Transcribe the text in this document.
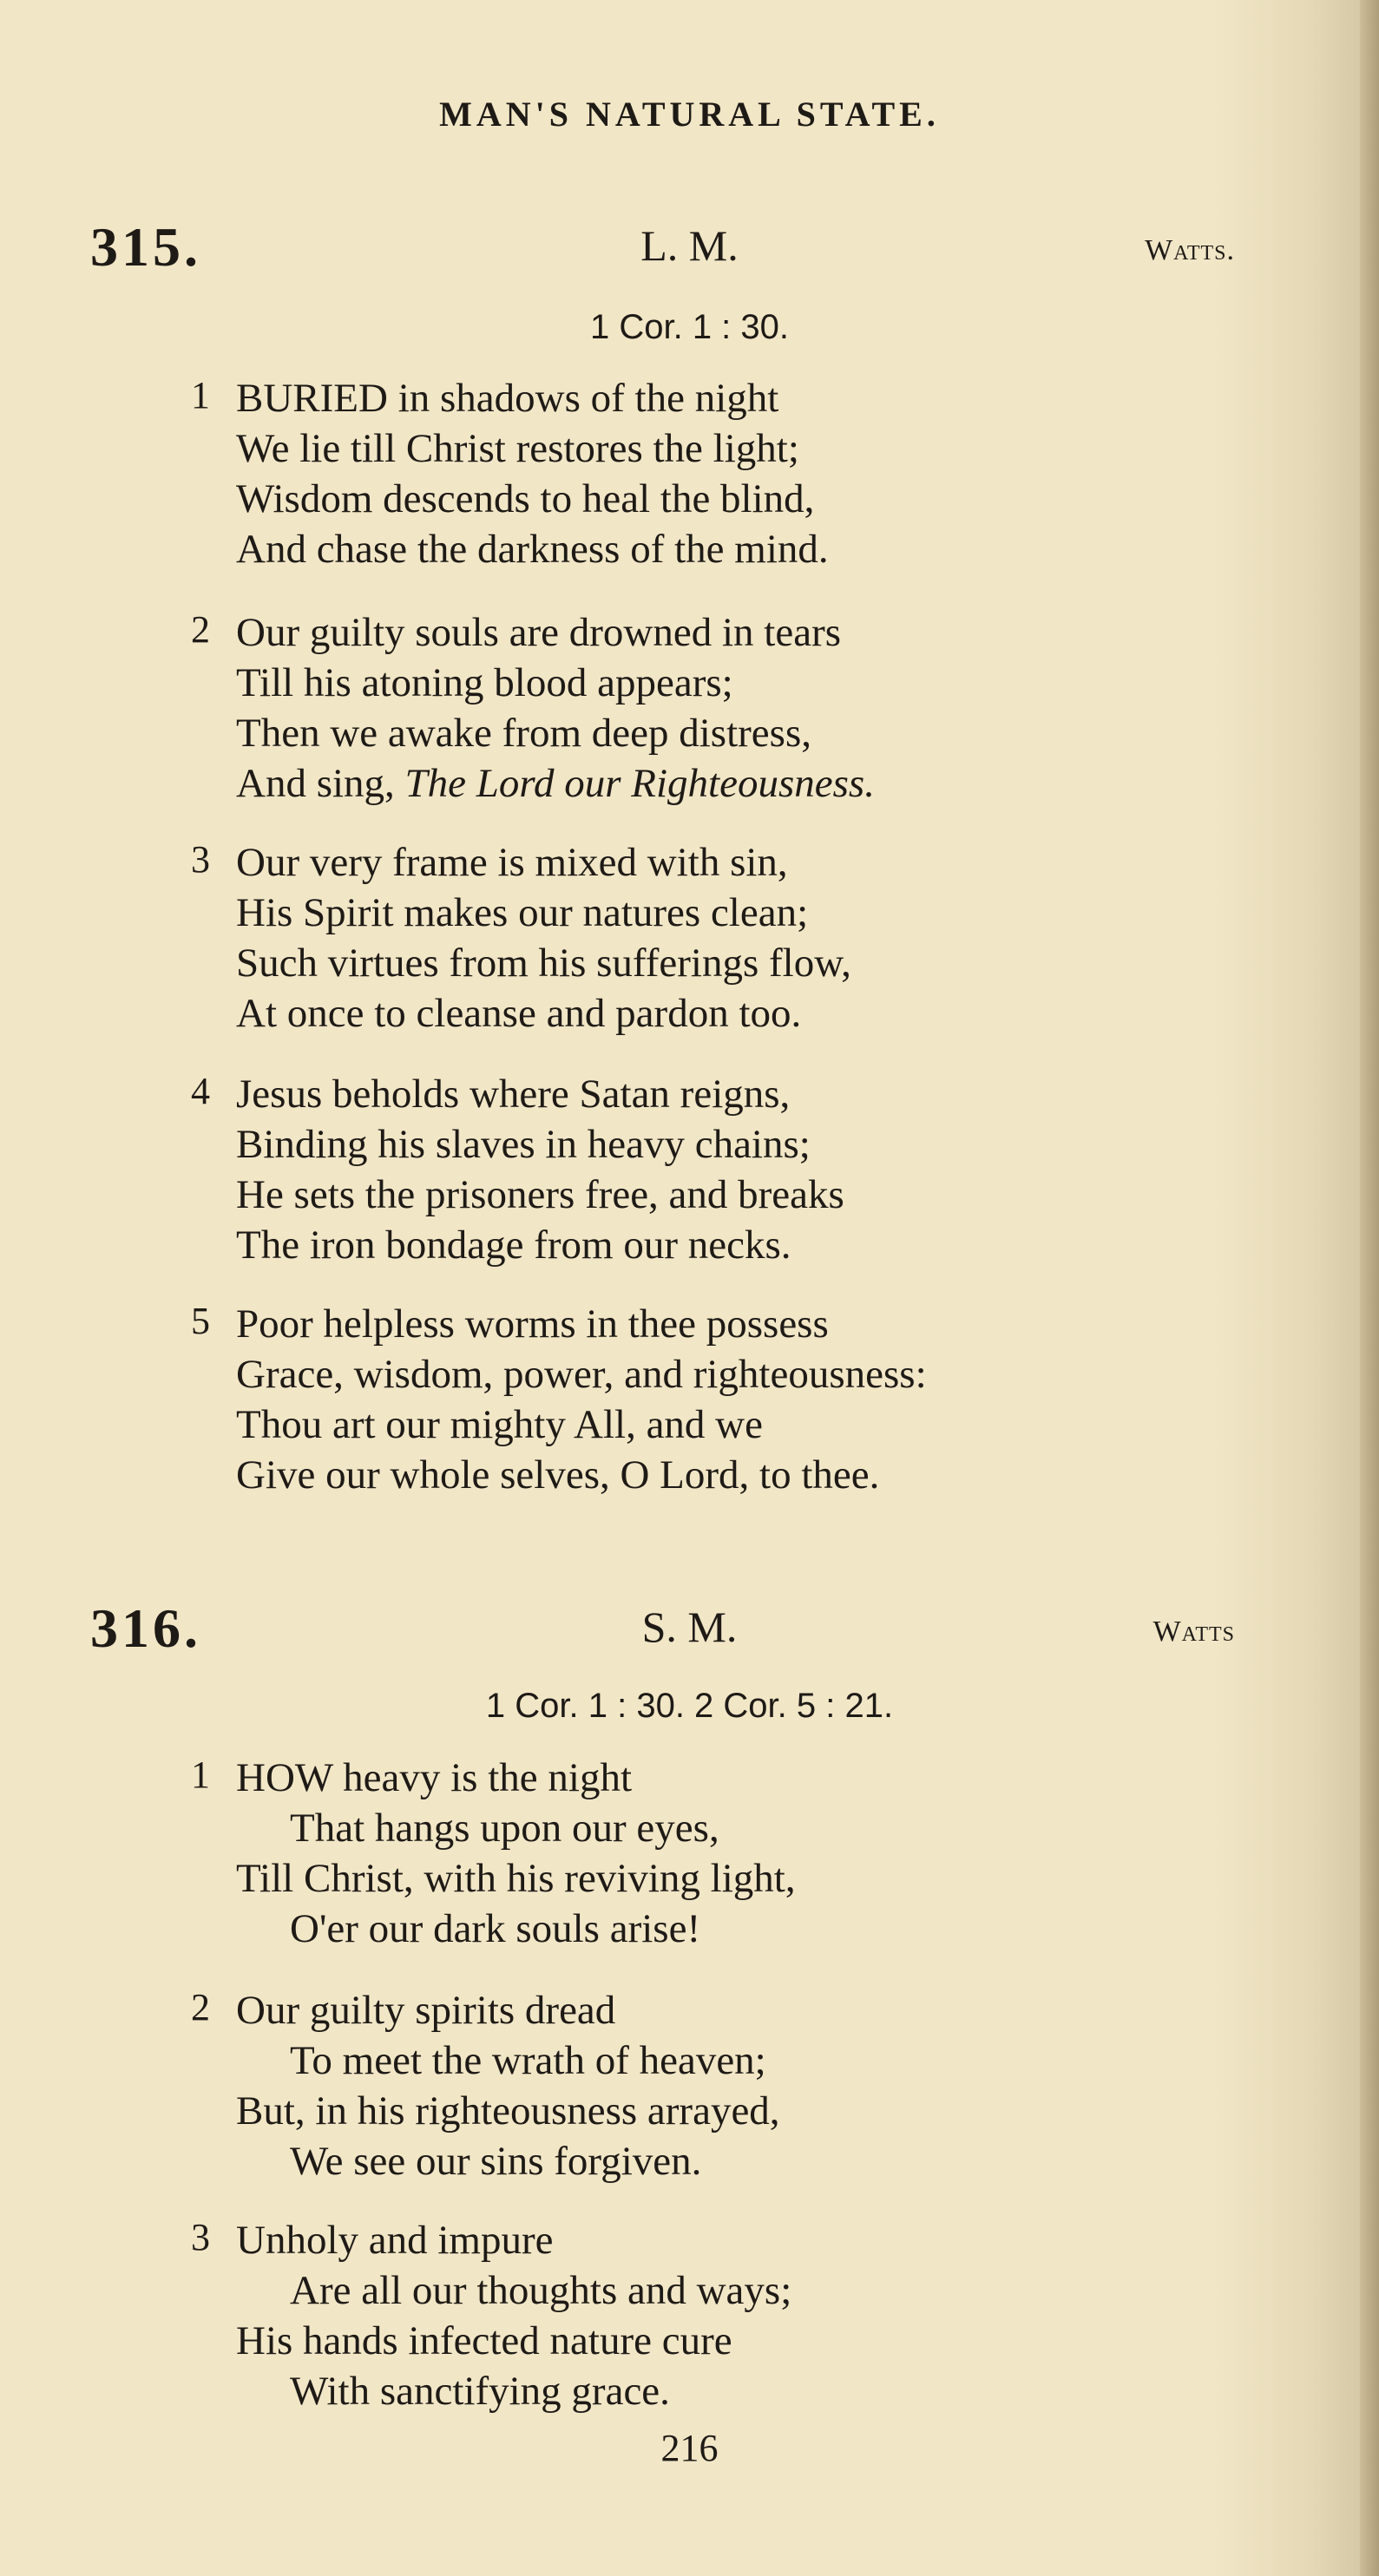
MAN'S NATURAL STATE.
315.	L. M.	Watts.
1 Cor. 1 : 30.
1 BURIED in shadows of the night
We lie till Christ restores the light;
Wisdom descends to heal the blind,
And chase the darkness of the mind.
2 Our guilty souls are drowned in tears
Till his atoning blood appears;
Then we awake from deep distress,
And sing, The Lord our Righteousness.
3 Our very frame is mixed with sin,
His Spirit makes our natures clean;
Such virtues from his sufferings flow,
At once to cleanse and pardon too.
4 Jesus beholds where Satan reigns,
Binding his slaves in heavy chains;
He sets the prisoners free, and breaks
The iron bondage from our necks.
5 Poor helpless worms in thee possess
Grace, wisdom, power, and righteousness:
Thou art our mighty All, and we
Give our whole selves, O Lord, to thee.
316.	S. M.	Watts
1 Cor. 1 : 30. 2 Cor. 5 : 21.
1 HOW heavy is the night
That hangs upon our eyes,
Till Christ, with his reviving light,
O'er our dark souls arise!
2 Our guilty spirits dread
To meet the wrath of heaven;
But, in his righteousness arrayed,
We see our sins forgiven.
3 Unholy and impure
Are all our thoughts and ways;
His hands infected nature cure
With sanctifying grace.
216
